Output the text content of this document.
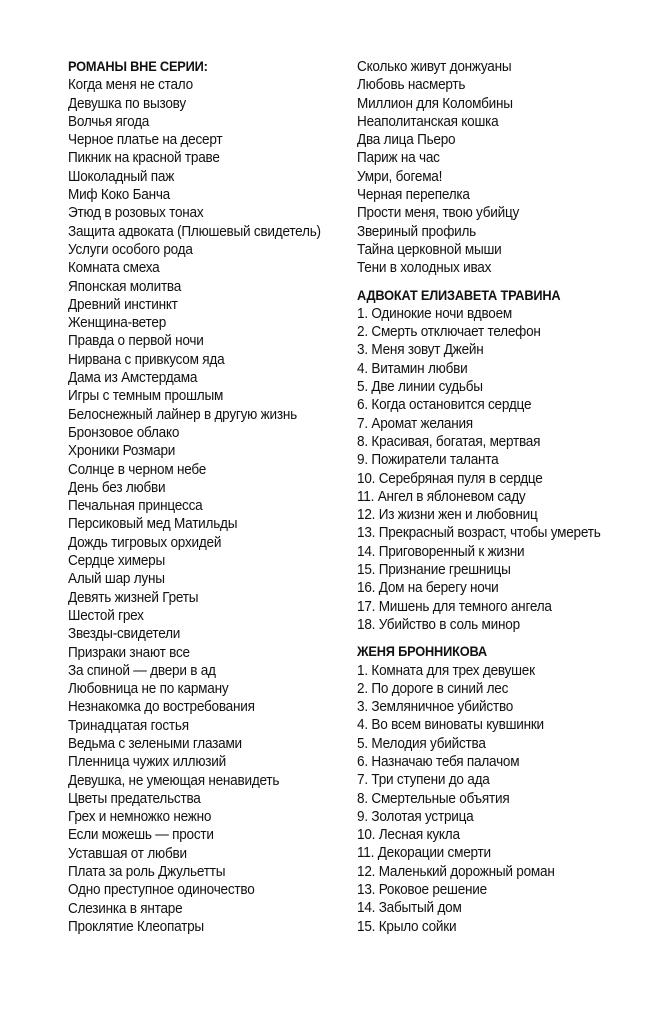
РОМАНЫ ВНЕ СЕРИИ:
Когда меня не стало
Девушка по вызову
Волчья ягода
Черное платье на десерт
Пикник на красной траве
Шоколадный паж
Миф Коко Банча
Этюд в розовых тонах
Защита адвоката (Плюшевый свидетель)
Услуги особого рода
Комната смеха
Японская молитва
Древний инстинкт
Женщина-ветер
Правда о первой ночи
Нирвана с привкусом яда
Дама из Амстердама
Игры с темным прошлым
Белоснежный лайнер в другую жизнь
Бронзовое облако
Хроники Розмари
Солнце в черном небе
День без любви
Печальная принцесса
Персиковый мед Матильды
Дождь тигровых орхидей
Сердце химеры
Алый шар луны
Девять жизней Греты
Шестой грех
Звезды-свидетели
Призраки знают все
За спиной — двери в ад
Любовница не по карману
Незнакомка до востребования
Тринадцатая гостья
Ведьма с зелеными глазами
Пленница чужих иллюзий
Девушка, не умеющая ненавидеть
Цветы предательства
Грех и немножко нежно
Если можешь — прости
Уставшая от любви
Плата за роль Джульетты
Одно преступное одиночество
Слезинка в янтаре
Проклятие Клеопатры
Сколько живут донжуаны
Любовь насмерть
Миллион для Коломбины
Неаполитанская кошка
Два лица Пьеро
Париж на час
Умри, богема!
Черная перепелка
Прости меня, твою убийцу
Звериный профиль
Тайна церковной мыши
Тени в холодных ивах
АДВОКАТ ЕЛИЗАВЕТА ТРАВИНА
1. Одинокие ночи вдвоем
2. Смерть отключает телефон
3. Меня зовут Джейн
4. Витамин любви
5. Две линии судьбы
6. Когда остановится сердце
7. Аромат желания
8. Красивая, богатая, мертвая
9. Пожиратели таланта
10. Серебряная пуля в сердце
11. Ангел в яблоневом саду
12. Из жизни жен и любовниц
13. Прекрасный возраст, чтобы умереть
14. Приговоренный к жизни
15. Признание грешницы
16. Дом на берегу ночи
17. Мишень для темного ангела
18. Убийство в соль минор
ЖЕНЯ БРОННИКОВА
1. Комната для трех девушек
2. По дороге в синий лес
3. Земляничное убийство
4. Во всем виноваты кувшинки
5. Мелодия убийства
6. Назначаю тебя палачом
7. Три ступени до ада
8. Смертельные объятия
9. Золотая устрица
10. Лесная кукла
11. Декорации смерти
12. Маленький дорожный роман
13. Роковое решение
14. Забытый дом
15. Крыло сойки
